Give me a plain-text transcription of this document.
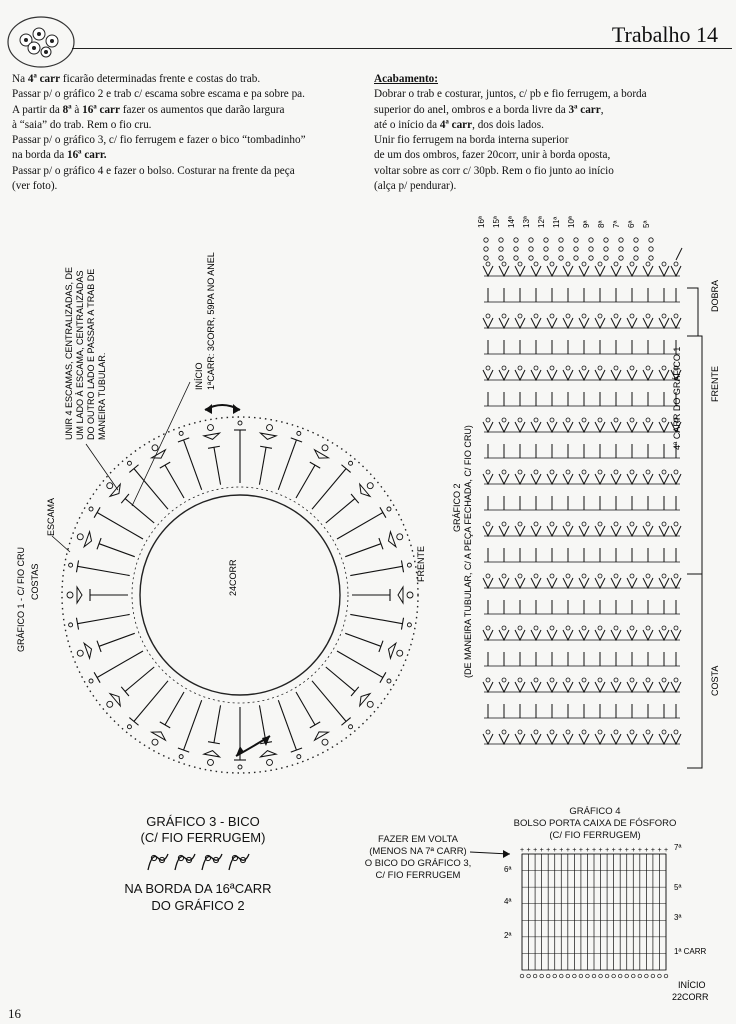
Trabalho 14

Na 4ª carr ficarão determinadas frente e costas do trab.

Passar p/ o gráfico 2 e trab c/ escama sobre escama e pa sobre pa.

A partir da 8ª à 16ª carr fazer os aumentos que darão largura

à “saia” do trab. Rem o fio cru.

Passar p/ o gráfico 3, c/ fio ferrugem e fazer o bico “tombadinho”

na borda da 16ª carr.

Passar p/ o gráfico 4 e fazer o bolso. Costurar na frente da peça

(ver foto).

Acabamento:

Dobrar o trab e costurar, juntos, c/ pb e fio ferrugem, a borda

superior do anel, ombros e a borda livre da 3ª carr,

até o início da 4ª carr, dos dois lados.

Unir fio ferrugem na borda interna superior

de um dos ombros, fazer 20corr, unir à borda oposta,

voltar sobre as corr c/ 30pb. Rem o fio junto ao início

(alça p/ pendurar).

GRÁFICO 1 - C/ FIO CRU COSTAS
ESCAMA
24CORR	FRENTE
INÍCIO 1ªCARR: 3CORR, 59PA NO ANEL
UNIR 4 ESCAMAS, CENTRALIZADAS, DE UM LADO À ESCAMA, CENTRALIZADAS DO OUTRO LADO E PASSAR A TRAB DE MANEIRA TUBULAR.
16ª 15ª 14ª 13ª 12ª 11ª 10ª 9ª 8ª 7ª 6ª 5ª
GRÁFICO 2 (DE MANEIRA TUBULAR, C/ A PEÇA FECHADA, C/ FIO CRU)
4ª CARR DO GRÁFICO 1
DOBRA
FRENTE
COSTA
GRÁFICO 3 - BICO
(C/ FIO FERRUGEM)
NA BORDA DA 16ªCARR
DO GRÁFICO 2
GRÁFICO 4
BOLSO PORTA CAIXA DE FÓSFORO
(C/ FIO FERRUGEM)
FAZER EM VOLTA
(MENOS NA 7ª CARR)
O BICO DO GRÁFICO 3,
C/ FIO FERRUGEM
+ + + + + + + + + + + + + + + + + + + + + + + 7ª
5ª
3ª
1ª CARR
6ª
4ª
2ª
INÍCIO
22CORR
16
